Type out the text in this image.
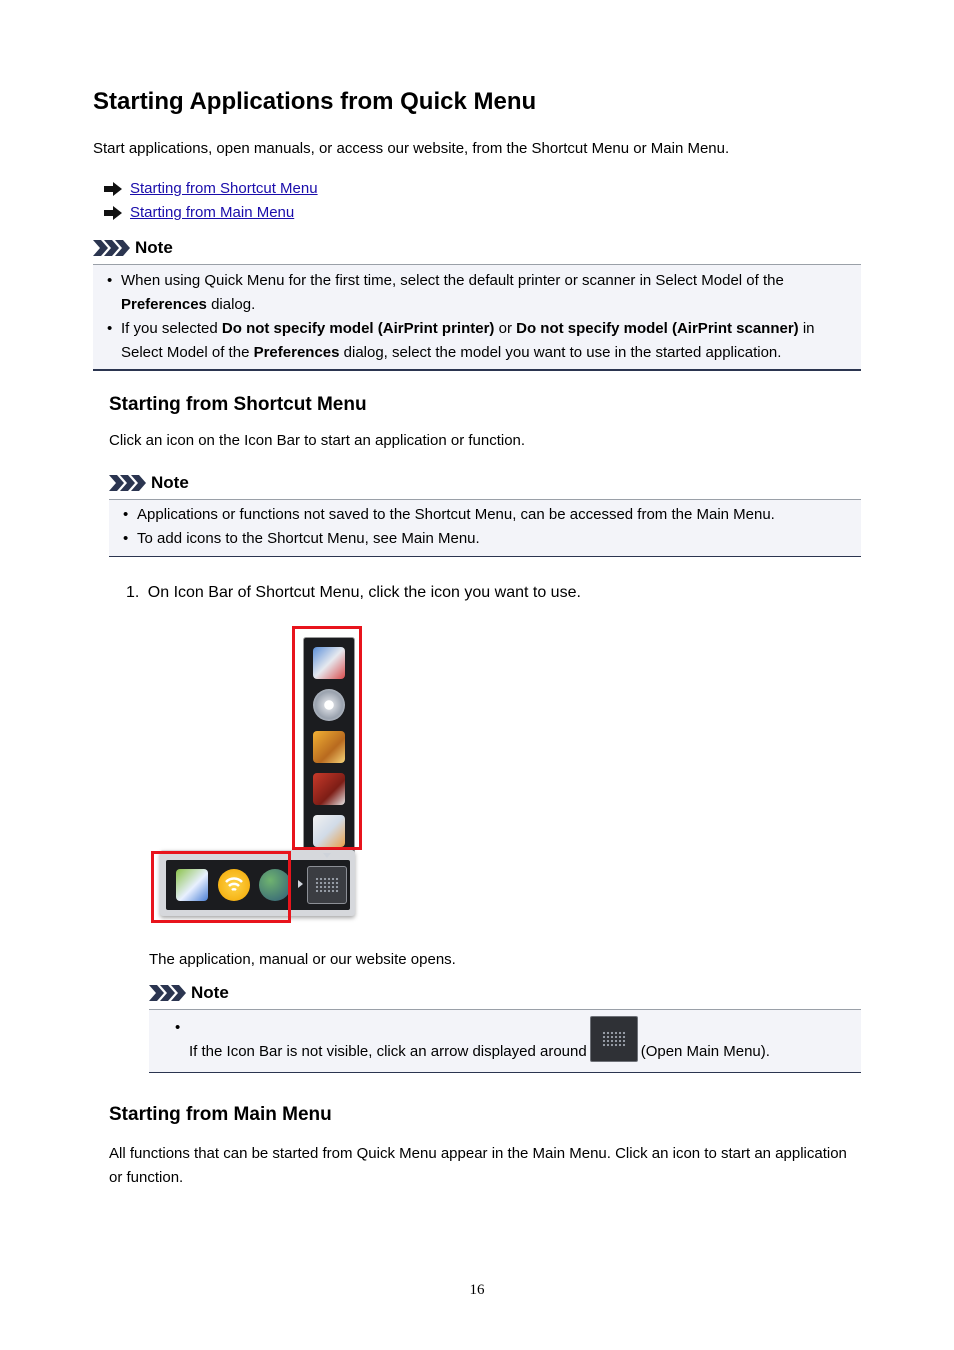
Starting Applications from Quick Menu
Start applications, open manuals, or access our website, from the Shortcut Menu or Main Menu.
Starting from Shortcut Menu
Starting from Main Menu
Note
• When using Quick Menu for the first time, select the default printer or scanner in Select Model of the Preferences dialog.
• If you selected Do not specify model (AirPrint printer) or Do not specify model (AirPrint scanner) in Select Model of the Preferences dialog, select the model you want to use in the started application.
Starting from Shortcut Menu
Click an icon on the Icon Bar to start an application or function.
Note
• Applications or functions not saved to the Shortcut Menu, can be accessed from the Main Menu.
• To add icons to the Shortcut Menu, see Main Menu.
1. On Icon Bar of Shortcut Menu, click the icon you want to use.
The application, manual or our website opens.
Note
• If the Icon Bar is not visible, click an arrow displayed around	(Open Main Menu).
Starting from Main Menu
All functions that can be started from Quick Menu appear in the Main Menu. Click an icon to start an application or function.
16
